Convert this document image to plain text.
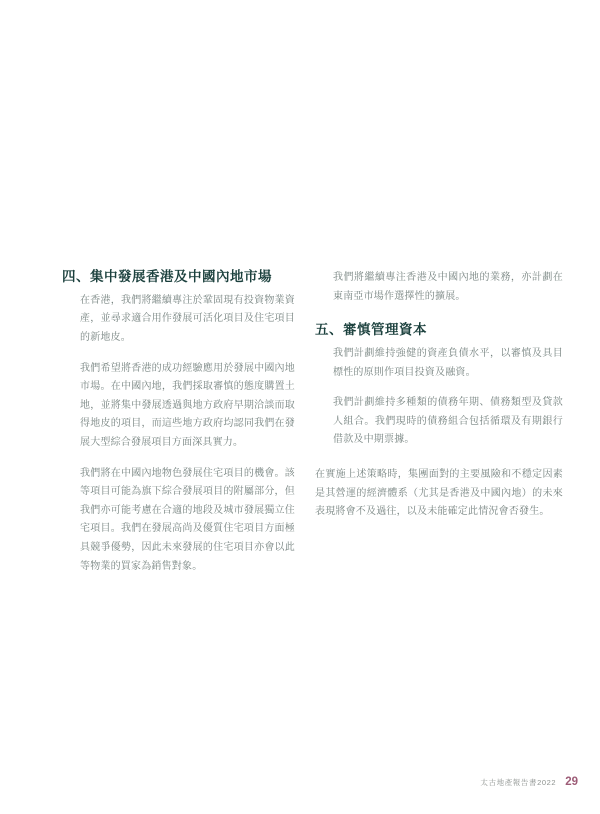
四、集中發展香港及中國內地市場

在香港，我們將繼續專注於鞏固現有投資物業資產，並尋求適合用作發展可活化項目及住宅項目的新地皮。

我們希望將香港的成功經驗應用於發展中國內地市場。在中國內地，我們採取審慎的態度購置土地，並將集中發展透過與地方政府早期洽談而取得地皮的項目，而這些地方政府均認同我們在發展大型綜合發展項目方面深具實力。

我們將在中國內地物色發展住宅項目的機會。該等項目可能為旗下綜合發展項目的附屬部分，但我們亦可能考慮在合適的地段及城市發展獨立住宅項目。我們在發展高尚及優質住宅項目方面極具競爭優勢，因此未來發展的住宅項目亦會以此等物業的買家為銷售對象。

我們將繼續專注香港及中國內地的業務，亦計劃在東南亞市場作選擇性的擴展。

五、審慎管理資本

我們計劃維持強健的資產負債水平，以審慎及具目標性的原則作項目投資及融資。

我們計劃維持多種類的債務年期、債務類型及貸款人組合。我們現時的債務組合包括循環及有期銀行借款及中期票據。

在實施上述策略時，集團面對的主要風險和不穩定因素是其營運的經濟體系（尤其是香港及中國內地）的未來表現將會不及過往，以及未能確定此情況會否發生。

太古地產報告書2022 29
